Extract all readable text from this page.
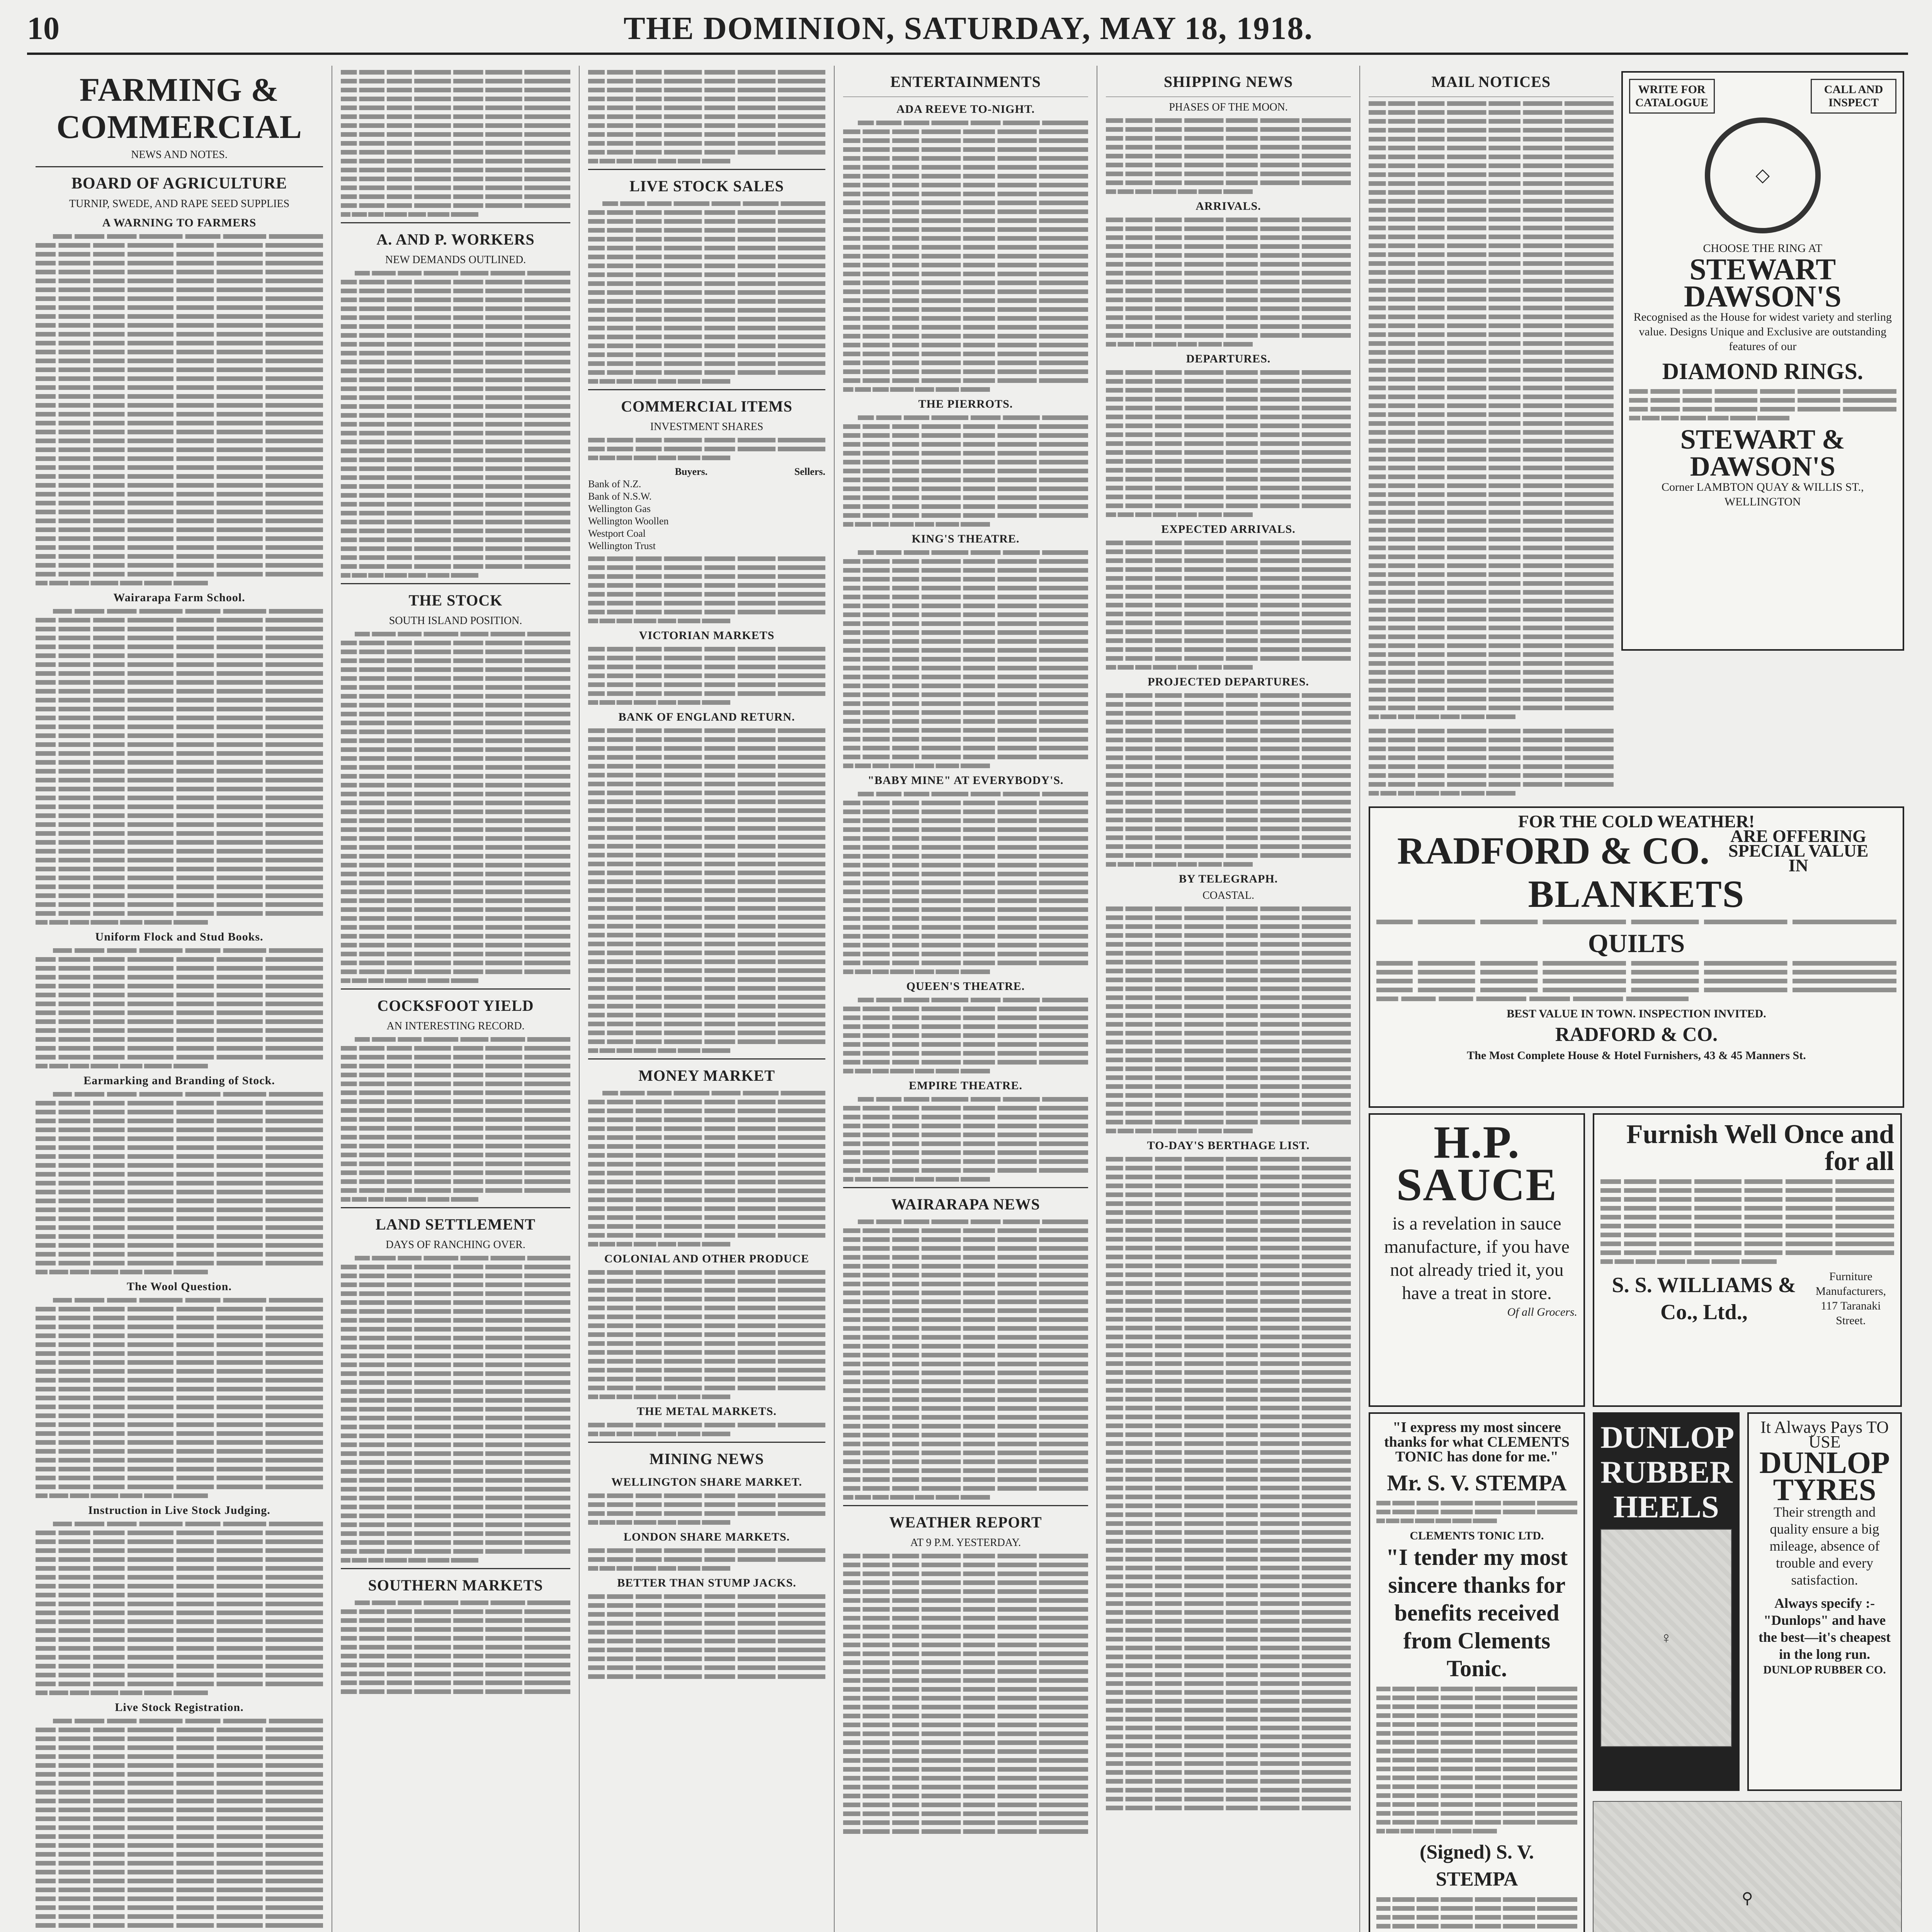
10	THE DOMINION, SATURDAY, MAY 18, 1918.
FARMING & COMMERCIAL
NEWS AND NOTES.
BOARD OF AGRICULTURE
TURNIP, SWEDE, AND RAPE SEED SUPPLIES
A WARNING TO FARMERS
Wairarapa Farm School.
Uniform Flock and Stud Books.
Earmarking and Branding of Stock.
The Wool Question.
Instruction in Live Stock Judging.
Live Stock Registration.
A. AND P. WORKERS
NEW DEMANDS OUTLINED.
THE STOCK
SOUTH ISLAND POSITION.
COCKSFOOT YIELD
AN INTERESTING RECORD.
LAND SETTLEMENT
DAYS OF RANCHING OVER.
SOUTHERN MARKETS
LIVE STOCK SALES
COMMERCIAL ITEMS
INVESTMENT SHARES
Buyers.	Sellers.
Bank of N.Z.
Bank of N.S.W.
Wellington Gas
Wellington Woollen
Westport Coal
Wellington Trust
VICTORIAN MARKETS
BANK OF ENGLAND RETURN.
MONEY MARKET
COLONIAL AND OTHER PRODUCE
THE METAL MARKETS.
MINING NEWS
WELLINGTON SHARE MARKET.
LONDON SHARE MARKETS.
BETTER THAN STUMP JACKS.
ENTERTAINMENTS
ADA REEVE TO-NIGHT.
THE PIERROTS.
KING'S THEATRE.
"BABY MINE" AT EVERYBODY'S.
QUEEN'S THEATRE.
EMPIRE THEATRE.
WAIRARAPA NEWS
WEATHER REPORT
AT 9 P.M. YESTERDAY.
SHIPPING NEWS
PHASES OF THE MOON.
ARRIVALS.
DEPARTURES.
EXPECTED ARRIVALS.
PROJECTED DEPARTURES.
BY TELEGRAPH.
COASTAL.
TO-DAY'S BERTHAGE LIST.
MAIL NOTICES	WRITE FOR CATALOGUE
CALL AND INSPECT
◇
CHOOSE THE RING AT
STEWART DAWSON'S
Recognised as the House for widest variety and sterling value. Designs Unique and Exclusive are outstanding features of our
DIAMOND RINGS.
STEWART & DAWSON'S
Corner LAMBTON QUAY & WILLIS ST., WELLINGTON
FOR THE COLD WEATHER!
RADFORD & CO.	ARE OFFERING SPECIAL VALUE IN
BLANKETS
QUILTS
BEST VALUE IN TOWN. INSPECTION INVITED.
RADFORD & CO.
The Most Complete House & Hotel Furnishers, 43 & 45 Manners St.
H.P. SAUCE
is a revelation in sauce manufacture, if you have not already tried it, you have a treat in store.
Of all Grocers.
Furnish Well Once and for all
S. S. WILLIAMS & Co., Ltd.,
Furniture Manufacturers, 117 Taranaki Street.
"I express my most sincere thanks for what CLEMENTS TONIC has done for me."
Mr. S. V. STEMPA
CLEMENTS TONIC LTD.
"I tender my most sincere thanks for benefits received from Clements Tonic.
(Signed) S. V. STEMPA
DUNLOP RUBBER HEELS
♀
It Always Pays TO USE
DUNLOP TYRES
Their strength and quality ensure a big mileage, absence of trouble and every satisfaction.
Always specify :- "Dunlops" and have the best—it's cheapest in the long run.
DUNLOP RUBBER CO.
⚲
